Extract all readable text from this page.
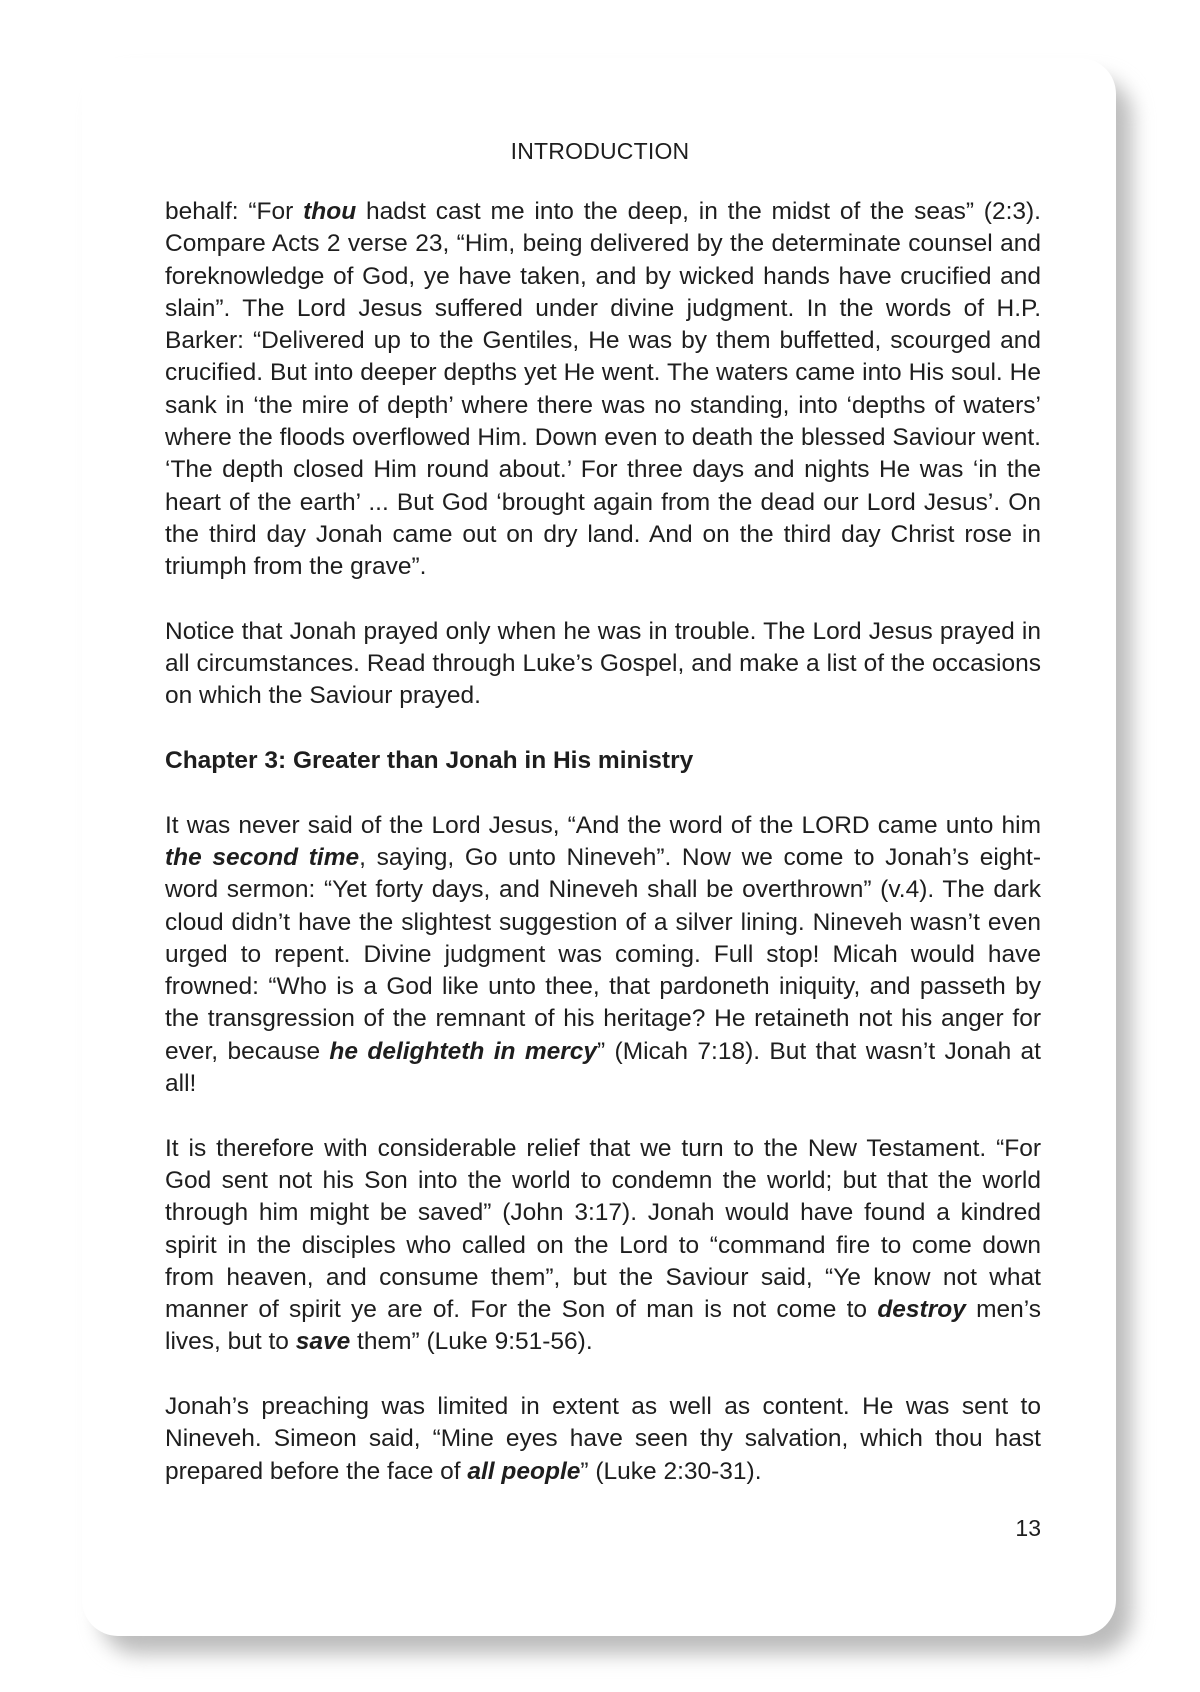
INTRODUCTION

behalf: “For thou hadst cast me into the deep, in the midst of the seas” (2:3). Compare Acts 2 verse 23, “Him, being delivered by the determinate counsel and foreknowledge of God, ye have taken, and by wicked hands have crucified and slain”. The Lord Jesus suffered under divine judgment. In the words of H.P. Barker: “Delivered up to the Gentiles, He was by them buffetted, scourged and crucified. But into deeper depths yet He went. The waters came into His soul. He sank in ‘the mire of depth’ where there was no standing, into ‘depths of waters’ where the floods overflowed Him. Down even to death the blessed Saviour went. ‘The depth closed Him round about.’ For three days and nights He was ‘in the heart of the earth’ ... But God ‘brought again from the dead our Lord Jesus’. On the third day Jonah came out on dry land. And on the third day Christ rose in triumph from the grave”.

Notice that Jonah prayed only when he was in trouble. The Lord Jesus prayed in all circumstances. Read through Luke’s Gospel, and make a list of the occasions on which the Saviour prayed.

Chapter 3: Greater than Jonah in His ministry

It was never said of the Lord Jesus, “And the word of the LORD came unto him the second time, saying, Go unto Nineveh”. Now we come to Jonah’s eight-word sermon: “Yet forty days, and Nineveh shall be overthrown” (v.4). The dark cloud didn’t have the slightest suggestion of a silver lining. Nineveh wasn’t even urged to repent. Divine judgment was coming. Full stop! Micah would have frowned: “Who is a God like unto thee, that pardoneth iniquity, and passeth by the transgression of the remnant of his heritage? He retaineth not his anger for ever, because he delighteth in mercy” (Micah 7:18). But that wasn’t Jonah at all!

It is therefore with considerable relief that we turn to the New Testament. “For God sent not his Son into the world to condemn the world; but that the world through him might be saved” (John 3:17). Jonah would have found a kindred spirit in the disciples who called on the Lord to “command fire to come down from heaven, and consume them”, but the Saviour said, “Ye know not what manner of spirit ye are of. For the Son of man is not come to destroy men’s lives, but to save them” (Luke 9:51-56).

Jonah’s preaching was limited in extent as well as content. He was sent to Nineveh. Simeon said, “Mine eyes have seen thy salvation, which thou hast prepared before the face of all people” (Luke 2:30-31).

13
